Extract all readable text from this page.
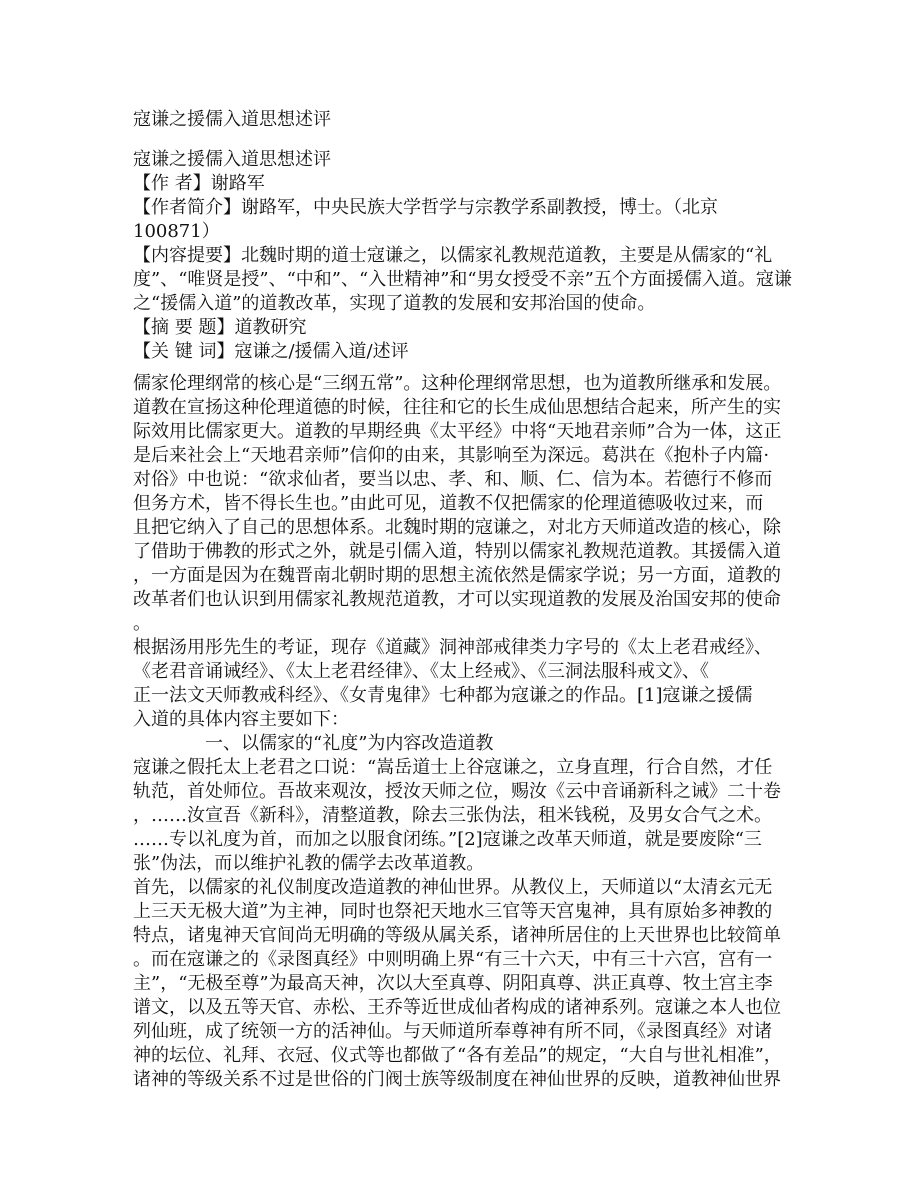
寇谦之援儒入道思想述评
寇谦之援儒入道思想述评
【作 者】谢路军
【作者简介】谢路军，中央民族大学哲学与宗教学系副教授，博士。（北京
100871）
【内容提要】北魏时期的道士寇谦之，以儒家礼教规范道教，主要是从儒家的“礼
度”、“唯贤是授”、“中和”、“入世精神”和“男女授受不亲”五个方面援儒入道。寇谦
之“援儒入道”的道教改革，实现了道教的发展和安邦治国的使命。
【摘 要 题】道教研究
【关 键 词】寇谦之/援儒入道/述评
儒家伦理纲常的核心是“三纲五常”。这种伦理纲常思想，也为道教所继承和发展。
道教在宣扬这种伦理道德的时候，往往和它的长生成仙思想结合起来，所产生的实
际效用比儒家更大。道教的早期经典《太平经》中将“天地君亲师”合为一体，这正
是后来社会上“天地君亲师”信仰的由来，其影响至为深远。葛洪在《抱朴子内篇·
对俗》中也说：“欲求仙者，要当以忠、孝、和、顺、仁、信为本。若德行不修而
但务方术，皆不得长生也。”由此可见，道教不仅把儒家的伦理道德吸收过来，而
且把它纳入了自己的思想体系。北魏时期的寇谦之，对北方天师道改造的核心，除
了借助于佛教的形式之外，就是引儒入道，特别以儒家礼教规范道教。其援儒入道
，一方面是因为在魏晋南北朝时期的思想主流依然是儒家学说；另一方面，道教的
改革者们也认识到用儒家礼教规范道教，才可以实现道教的发展及治国安邦的使命
。
根据汤用彤先生的考证，现存《道藏》洞神部戒律类力字号的《太上老君戒经》、
《老君音诵诫经》、《太上老君经律》、《太上经戒》、《三洞法服科戒文》、《
正一法文天师教戒科经》、《女青鬼律》七种都为寇谦之的作品。[1]寇谦之援儒
入道的具体内容主要如下：
一、以儒家的“礼度”为内容改造道教
寇谦之假托太上老君之口说：“嵩岳道士上谷寇谦之，立身直理，行合自然，才任
轨范，首处师位。吾故来观汝，授汝天师之位，赐汝《云中音诵新科之诫》二十卷
，……汝宣吾《新科》，清整道教，除去三张伪法，租米钱税，及男女合气之术。
……专以礼度为首，而加之以服食闭练。”[2]寇谦之改革天师道，就是要废除“三
张”伪法，而以维护礼教的儒学去改革道教。
首先，以儒家的礼仪制度改造道教的神仙世界。从教仪上，天师道以“太清玄元无
上三天无极大道”为主神，同时也祭祀天地水三官等天宫鬼神，具有原始多神教的
特点，诸鬼神天官间尚无明确的等级从属关系，诸神所居住的上天世界也比较简单
。而在寇谦之的《录图真经》中则明确上界“有三十六天，中有三十六宫，宫有一
主”，“无极至尊”为最高天神，次以大至真尊、阴阳真尊、洪正真尊、牧土宫主李
谱文，以及五等天官、赤松、王乔等近世成仙者构成的诸神系列。寇谦之本人也位
列仙班，成了统领一方的活神仙。与天师道所奉尊神有所不同，《录图真经》对诸
神的坛位、礼拜、衣冠、仪式等也都做了“各有差品”的规定，“大自与世礼相准”，
诸神的等级关系不过是世俗的门阀士族等级制度在神仙世界的反映，道教神仙世界
